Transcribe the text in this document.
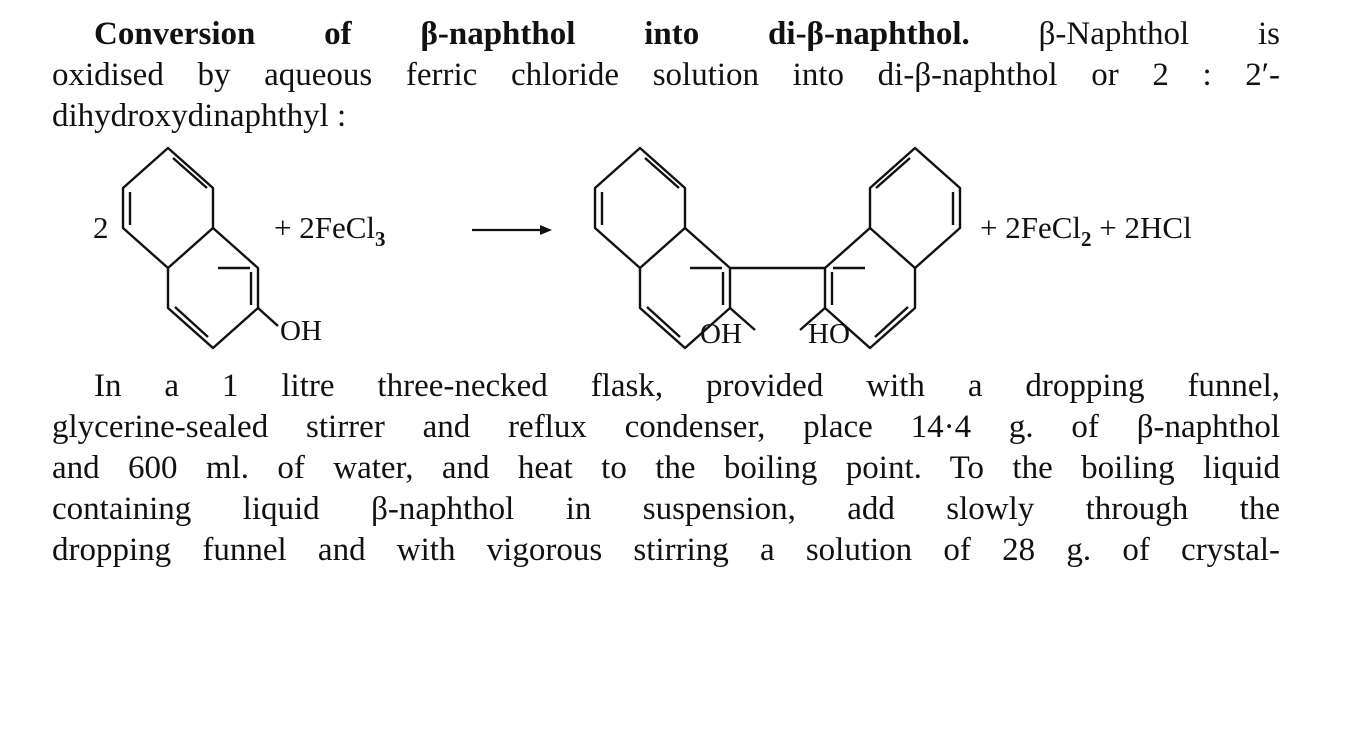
Conversion of β-naphthol into di-β-naphthol. β-Naphthol is
oxidised by aqueous ferric chloride solution into di-β-naphthol or 2 : 2′-
dihydroxydinaphthyl :
2
OH
+ 2FeCl$_3$
OH HO
+ 2FeCl$_2$ + 2HCl
In a 1 litre three-necked flask, provided with a dropping funnel,
glycerine-sealed stirrer and reflux condenser, place 14·4 g. of β-naphthol
and 600 ml. of water, and heat to the boiling point. To the boiling liquid
containing liquid β-naphthol in suspension, add slowly through the
dropping funnel and with vigorous stirring a solution of 28 g. of crystal-
